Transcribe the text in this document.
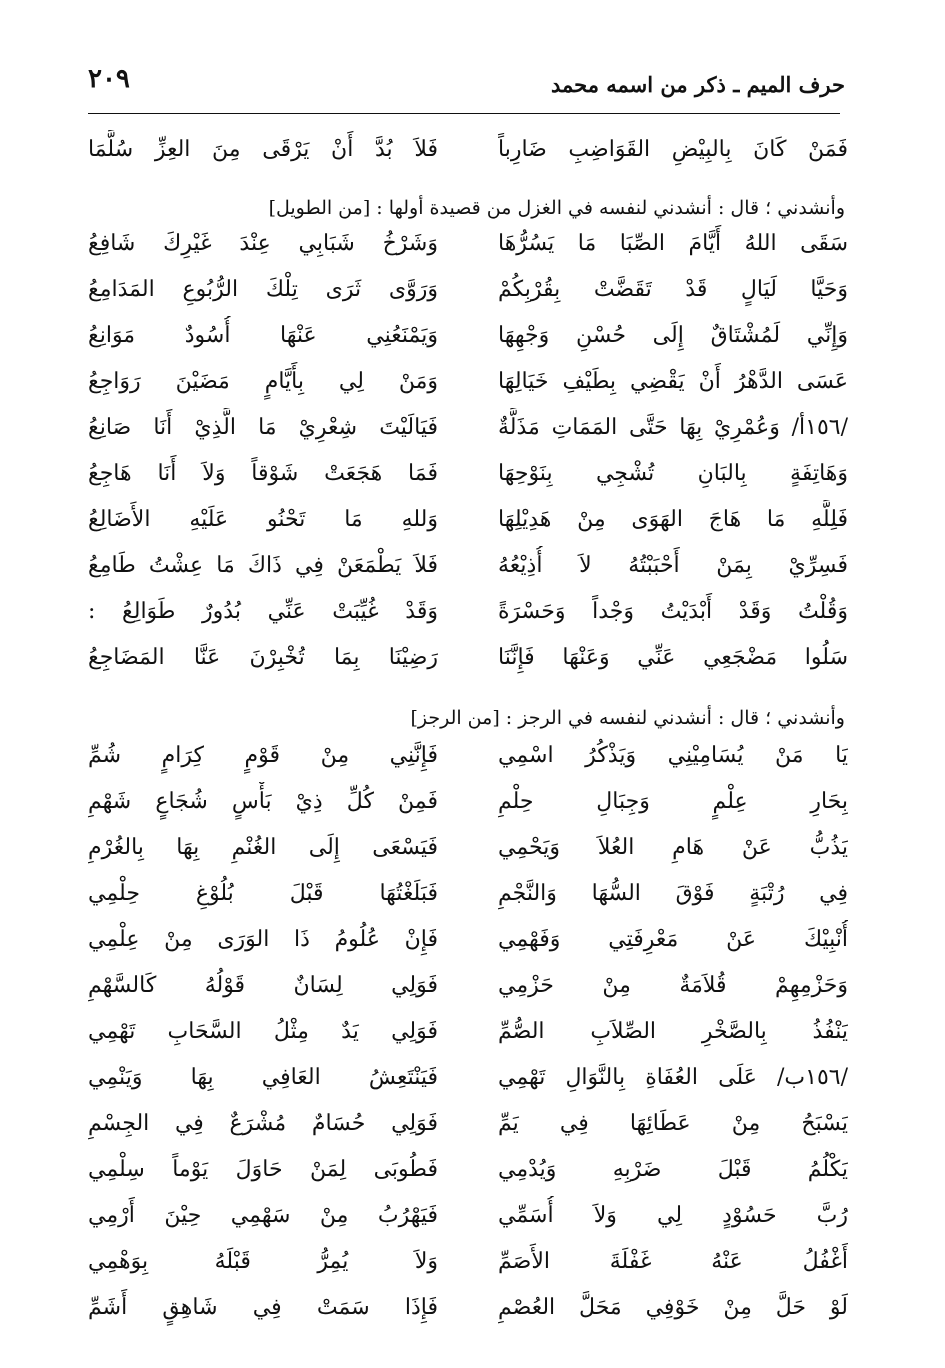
حرف الميم ـ ذكر من اسمه محمد
٢٠٩
فَمَنْ كَانَ بِالبِيْضِ القَوَاضِبِ ضَارِباً
فَلاَ بُدَّ أَنْ يَرْقَى مِنَ العِزِّ سُلَّمَا
وأنشدني ؛ قال : أنشدني لنفسه في الغزل من قصيدة أولها : [من الطويل]
سَقَى اللهُ أَيَّامَ الصِّبَا مَا يَسُرُّهَا
وَشَرْخُ شَبَابِي عِنْدَ غَيْرِكَ شَافِعُ
وَحَيَّا لَيَالٍ قَدْ تَقَضَّتْ بِقُرْبِكُمْ
وَرَوَّى ثَرَى تِلْكَ الرُّبُوعِ المَدَامِعُ
وَإِنِّي لَمُشْتَاقٌ إِلَى حُسْنِ وَجْهِهَا
وَيَمْنَعُنِي عَنْهَا أُسُودٌ مَوَانِعُ
عَسَى الدَّهْرُ أَنْ يَقْضِي بِطَيْفِ خَيَالِهَا
وَمَنْ لِي بِأَيَّامٍ مَضَيْنَ رَوَاجِعُ
/١٥٦أ/ وَعُمْرِيْ بِهَا حَتَّى المَمَاتِ مَذَلَّةٌ
فَيَالَيْتَ شِعْرِيْ مَا الَّذِيْ أَنَا صَانِعُ
وَهَاتِفَةٍ بِالبَانِ تُشْجِي بِنَوْحِهَا
فَمَا هَجَعَتْ شَوْقاً وَلاَ أَنَا هَاجِعُ
فَلِلَّهِ مَا هَاجَ الهَوَى مِنْ هَدِيْلِهَا
وَللهِ مَا تَحْنُو عَلَيْهِ الأَضَالِعُ
فَسِرِّيْ بِمَنْ أَحْبَبْتُهُ لاَ أُذِيْعُهُ
فَلاَ يَطْمَعَنْ فِي ذَاكَ مَا عِشْتُ طَامِعُ
وَقُلْتُ وَقَدْ أَبْدَيْتُ وَجْداً وَحَسْرَةً
وَقَدْ غُيِّبَتْ عَنِّي بُدُورٌ طَوَالِعُ :
سَلُوا مَضْجَعِي عَنِّي وَعَنْهَا فَإِنَّنَا
رَضِيْنَا بِمَا تُخْبِرْنَ عَنَّا المَضَاجِعُ
وأنشدني ؛ قال : أنشدني لنفسه في الرجز : [من الرجز]
يَا مَنْ يُسَامِيْنِي وَيَذْكُرُ اسْمِي
فَإِنَّنِي مِنْ قَوْمٍ كِرَامٍ شُمِّ
بِحَارِ عِلْمٍ وَجِبَالِ حِلْمِ
فَمِنْ كُلِّ ذِيْ بَأْسٍ شُجَاعٍ شَهْمِ
يَذُبُّ عَنْ هَامِ العُلاَ وَيَحْمِي
فَيَسْعَى إِلَى الغُنْمِ بِهَا بِالغُرْمِ
فِي رُتْبَةٍ فَوْقَ السُّهَا وَالنَّجْمِ
فَبَلَغْتُهَا قَبْلَ بُلُوْغِ حِلْمِي
أُنْبِيْكَ عَنْ مَعْرِفَتِي وَفَهْمِي
فَإِنْ عُلُومُ ذَا الوَرَى مِنْ عِلْمِي
وَحَزْمِهِمْ قُلاَمَةٌ مِنْ حَزْمِي
فَوَلِي لِسَانٌ قَوْلُهُ كَالسَّهْمِ
يَنْفُذُ بِالصَّخْرِ الصِّلاَبِ الصُّمِّ
فَوَلِي يَدٌ مِثْلُ السَّحَابِ تَهْمِي
/١٥٦ب/ عَلَى العُفَاةِ بِالنَّوَالِ تَهْمِي
فَيَنْتَعِشُ العَافِي بِهَا وَيَنْمِي
يَسْبَحُ مِنْ عَطَائِهَا فِي يَمِّ
فَوَلِي حُسَامٌ مُشْرَعٌ فِي الجِسْمِ
يَكْلُمُ قَبْلَ ضَرْبِهِ وَيُدْمِي
فَطُوبَى لِمَنْ حَاوَلَ يَوْماً سِلْمِي
رُبَّ حَسُوْدٍ لِي وَلاَ أُسَمِّي
فَيَهْرُبُ مِنْ سَهْمِي حِيْنَ أَرْمِي
أَغْفُلُ عَنْهُ غَفْلَةَ الأَصَمِّ
وَلاَ يُمِرُّ قَبْلَهُ بِوَهْمِي
لَوْ حَلَّ مِنْ خَوْفِي مَحَلَّ العُصْمِ
فَإِذَا سَمَتْ فِي شَاهِقٍ أَشَمِّ
